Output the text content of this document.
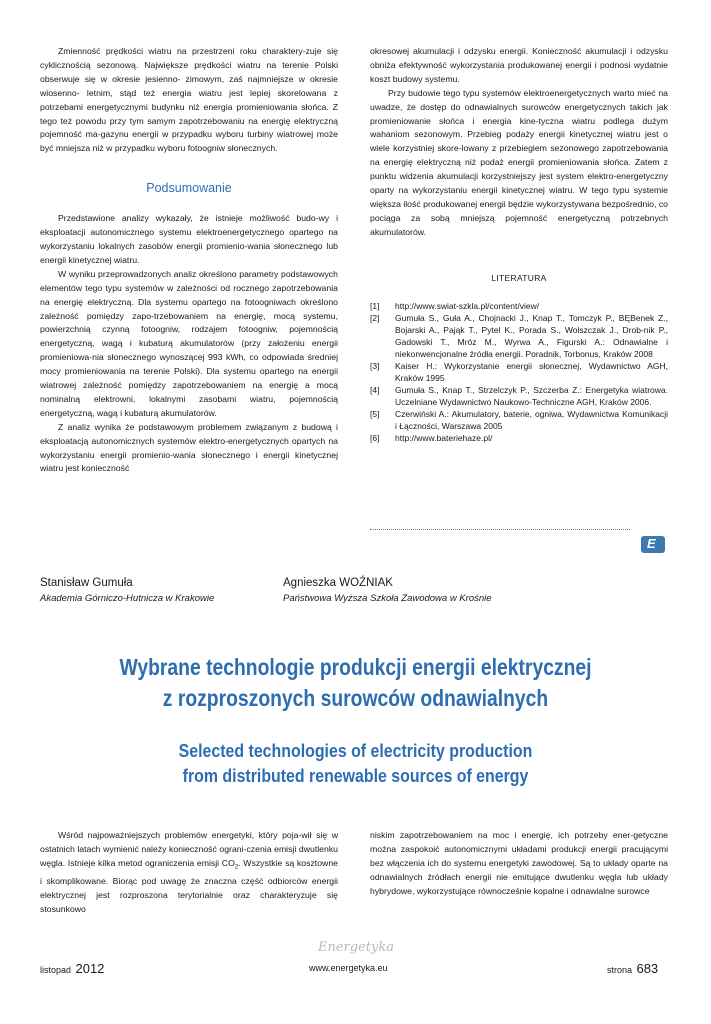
Zmienność prędkości wiatru na przestrzeni roku charaktery-zuje się cyklicznością sezonową. Największe prędkości wiatru na terenie Polski obserwuje się w okresie jesienno- zimowym, zaś najmniejsze w okresie wiosenno- letnim, stąd też energia wiatru jest lepiej skorelowana z potrzebami energetycznymi budynku niż energia promieniowania słońca. Z tego też powodu przy tym samym zapotrzebowaniu na energię elektryczną pojemność ma-gazynu energii w przypadku wyboru turbiny wiatrowej może być mniejsza niż w przypadku wyboru fotoogniw słonecznych.

Podsumowanie

Przedstawione analizy wykazały, że istnieje możliwość budo-wy i eksploatacji autonomicznego systemu elektroenergetycznego opartego na wykorzystaniu lokalnych zasobów energii promienio-wania słonecznego lub energii kinetycznej wiatru.

W wyniku przeprowadzonych analiz określono parametry podstawowych elementów tego typu systemów w zależności od rocznego zapotrzebowania na energię elektryczną. Dla systemu opartego na fotoogniwach określono zależność pomiędzy zapo-trzebowaniem na energię, mocą systemu, powierzchnią czynną fotoogniw, rodzajem fotoogniw, pojemnością energetyczną, wagą i kubaturą akumulatorów (przy założeniu energii promieniowa-nia słonecznego wynoszącej 993 kWh, co odpowiada średniej mocy promieniowania na terenie Polski). Dla systemu opartego na energii wiatrowej zależność pomiędzy zapotrzebowaniem na energię a mocą nominalną elektrowni, lokalnymi zasobami wiatru, pojemnością energetyczną, wagą i kubaturą akumulatorów.

Z analiz wynika że podstawowym problemem związanym z budową i eksploatacją autonomicznych systemów elektro-energetycznych opartych na wykorzystaniu energii promienio-wania słonecznego i energii kinetycznej wiatru jest konieczność

okresowej akumulacji i odzysku energii. Konieczność akumulacji i odzysku obniża efektywność wykorzystania produkowanej energii i podnosi wydatnie koszt budowy systemu.

Przy budowie tego typu systemów elektroenergetycznych warto mieć na uwadze, że dostęp do odnawialnych surowców energetycznych takich jak promieniowanie słońca i energia kine-tyczna wiatru podlega dużym wahaniom sezonowym. Przebieg podaży energii kinetycznej wiatru jest o wiele korzystniej skore-lowany z przebiegiem sezonowego zapotrzebowania na energię elektryczną niż podaż energii promieniowania słońca. Zatem z punktu widzenia akumulacji korzystniejszy jest system elektro-energetyczny oparty na wykorzystaniu energii kinetycznej wiatru. W tego typu systemie większa ilość produkowanej energii będzie wykorzystywana bezpośrednio, co pociąga za sobą mniejszą pojemność energetyczną potrzebnych akumulatorów.

LITERATURA
[1]	http://www.swiat-szkla.pl/content/view/
[2]	Gumuła S., Guła A., Chojnacki J., Knap T., Tomczyk P., BĘBenek Z., Bojarski A., Pająk T., Pytel K., Porada S., Wolszczak J., Drob-nik P., Gadowski T., Mróz M., Wyrwa A., Figurski A.: Odnawialne i niekonwencjonalne źródła energii. Poradnik, Torbonus, Kraków 2008
[3]	Kaiser H.: Wykorzystanie energii słonecznej, Wydawnictwo AGH, Kraków 1995
[4]	Gumuła S., Knap T., Strzelczyk P., Szczerba Z.: Energetyka wiatrowa. Uczelniane Wydawnictwo Naukowo-Techniczne AGH, Kraków 2006.
[5]	Czerwiński A.: Akumulatory, baterie, ogniwa, Wydawnictwa Komunikacji i Łączności, Warszawa 2005
[6]	http://www.bateriehaze.pl/
E
Stanisław Gumuła
Akademia Górniczo-Hutnicza w Krakowie
Agnieszka WOŹNIAK
Państwowa Wyższa Szkoła Zawodowa w Krośnie
Wybrane technologie produkcji energii elektrycznej
z rozproszonych surowców odnawialnych
Selected technologies of electricity production
from distributed renewable sources of energy

Wśród najpoważniejszych problemów energetyki, który poja-wił się w ostatnich latach wymienić należy konieczność ograni-czenia emisji dwutlenku węgla. Istnieje kilka metod ograniczenia emisji $CO_2$. Wszystkie są kosztowne i skomplikowane. Biorąc pod uwagę że znaczna część odbiorców energii elektrycznej jest rozproszona terytorialnie oraz charakteryzuje się stosunkowo

niskim zapotrzebowaniem na moc i energię, ich potrzeby ener-getyczne można zaspokoić autonomicznymi układami produkcji energii pracującymi bez włączenia ich do systemu energetyki zawodowej. Są to układy oparte na odnawialnych źródłach energii nie emitujące dwutlenku węgla lub układy hybrydowe, wykorzystujące równocześnie kopalne i odnawialne surowce

Energetyka
listopad 2012	www.energetyka.eu	strona 683
